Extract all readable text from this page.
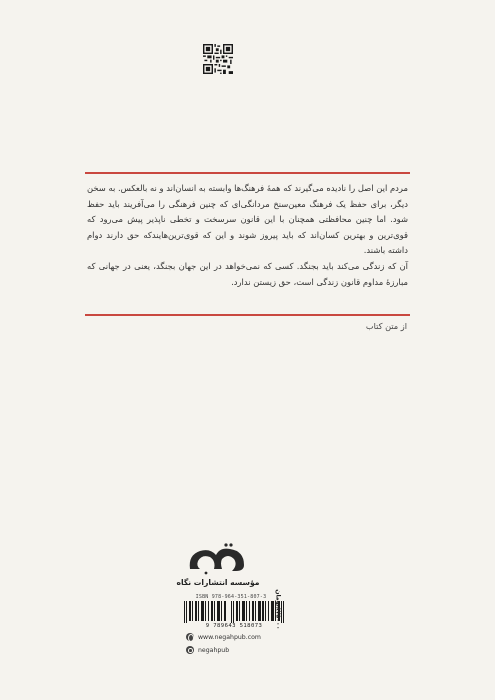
مردم این اصل را نادیده می‌گیرند که همهٔ فرهنگ‌ها وابسته به انسان‌اند و نه بالعکس. به سخن دیگر، برای حفظ یک فرهنگ معین‌سنخ مردانگی‌ای که چنین فرهنگی را می‌آفریند باید حفظ شود. اما چنین محافظتی همچنان با این قانون سرسخت و تخطی ناپذیر پیش می‌رود که قوی‌ترین و بهترین کسان‌اند که باید پیروز شوند و این که قوی‌ترین‌هایندکه حق دارند دوام داشته باشند.

آن که زندگی می‌کند باید بجنگد. کسی که نمی‌خواهد در این جهان بجنگد، یعنی در جهانی که مبارزهٔ مداوم قانون زندگی است، حق زیستن ندارد.

از متن کتاب
مؤسسه انتشارات نگاه
ISBN 978-964-351-807-3
9 789643 518073
۸۷۵۰۰۰تومان
www.negahpub.com
negahpub
